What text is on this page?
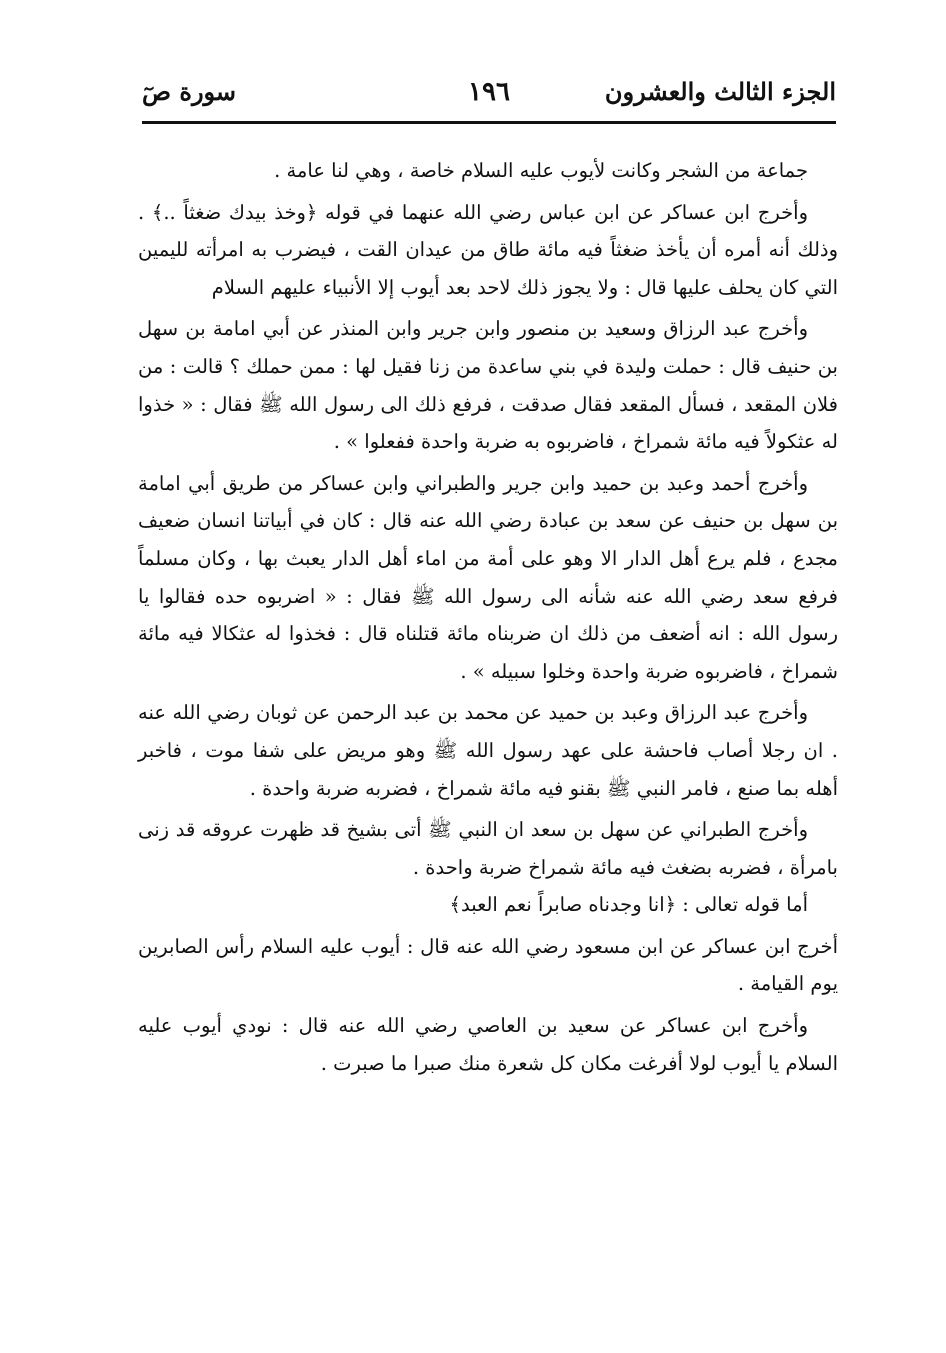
الجزء الثالث والعشرون
١٩٦
سورة صٓ

جماعة من الشجر وكانت لأيوب عليه السلام خاصة ، وهي لنا عامة .

وأخرج ابن عساكر عن ابن عباس رضي الله عنهما في قوله ﴿وخذ بيدك ضغثاً ..﴾ . وذلك أنه أمره أن يأخذ ضغثاً فيه مائة طاق من عيدان القت ، فيضرب به امرأته لليمين التي كان يحلف عليها قال : ولا يجوز ذلك لاحد بعد أيوب إلا الأنبياء عليهم السلام

وأخرج عبد الرزاق وسعيد بن منصور وابن جرير وابن المنذر عن أبي امامة بن سهل بن حنيف قال : حملت وليدة في بني ساعدة من زنا فقيل لها : ممن حملك ؟ قالت : من فلان المقعد ، فسأل المقعد فقال صدقت ، فرفع ذلك الى رسول الله ﷺ فقال : « خذوا له عثكولاً فيه مائة شمراخ ، فاضربوه به ضربة واحدة ففعلوا » .

وأخرج أحمد وعبد بن حميد وابن جرير والطبراني وابن عساكر من طريق أبي امامة بن سهل بن حنيف عن سعد بن عبادة رضي الله عنه قال : كان في أبياتنا انسان ضعيف مجدع ، فلم يرع أهل الدار الا وهو على أمة من اماء أهل الدار يعبث بها ، وكان مسلماً فرفع سعد رضي الله عنه شأنه الى رسول الله ﷺ فقال : « اضربوه حده فقالوا يا رسول الله : انه أضعف من ذلك ان ضربناه مائة قتلناه قال : فخذوا له عثكالا فيه مائة شمراخ ، فاضربوه ضربة واحدة وخلوا سبيله » .

وأخرج عبد الرزاق وعبد بن حميد عن محمد بن عبد الرحمن عن ثوبان رضي الله عنه . ان رجلا أصاب فاحشة على عهد رسول الله ﷺ وهو مريض على شفا موت ، فاخبر أهله بما صنع ، فامر النبي ﷺ بقنو فيه مائة شمراخ ، فضربه ضربة واحدة .

وأخرج الطبراني عن سهل بن سعد ان النبي ﷺ أتى بشيخ قد ظهرت عروقه قد زنى بامرأة ، فضربه بضغث فيه مائة شمراخ ضربة واحدة .

أما قوله تعالى : ﴿انا وجدناه صابراً نعم العبد﴾

أخرج ابن عساكر عن ابن مسعود رضي الله عنه قال : أيوب عليه السلام رأس الصابرين يوم القيامة .

وأخرج ابن عساكر عن سعيد بن العاصي رضي الله عنه قال : نودي أيوب عليه السلام يا أيوب لولا أفرغت مكان كل شعرة منك صبرا ما صبرت .
